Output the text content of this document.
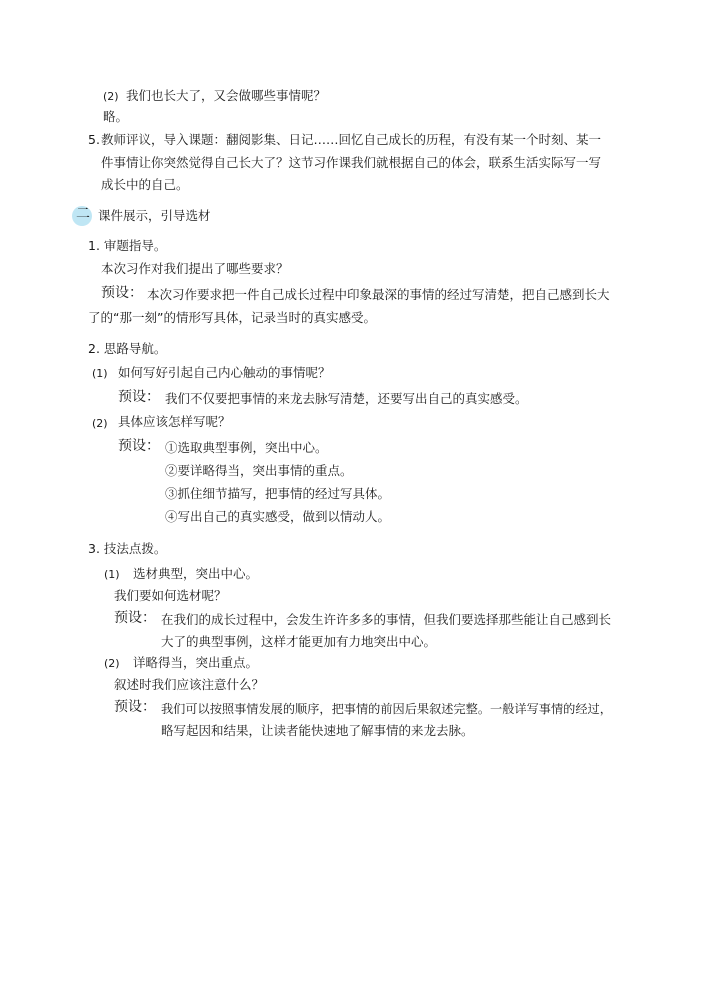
(2) 我们也长大了，又会做哪些事情呢？
略。
5. 教师评议，导入课题：翻阅影集、日记……回忆自己成长的历程，有没有某一个时刻、某一
件事情让你突然觉得自己长大了？这节习作课我们就根据自己的体会，联系生活实际写一写
成长中的自己。
二 课件展示，引导选材
1. 审题指导。
本次习作对我们提出了哪些要求？
预设： 本次习作要求把一件自己成长过程中印象最深的事情的经过写清楚，把自己感到长大
了的“那一刻”的情形写具体，记录当时的真实感受。
2. 思路导航。
(1) 如何写好引起自己内心触动的事情呢？
预设： 我们不仅要把事情的来龙去脉写清楚，还要写出自己的真实感受。
(2) 具体应该怎样写呢？
预设： ①选取典型事例，突出中心。
②要详略得当，突出事情的重点。
③抓住细节描写，把事情的经过写具体。
④写出自己的真实感受，做到以情动人。
3. 技法点拨。
(1) 选材典型，突出中心。
我们要如何选材呢？
预设： 在我们的成长过程中，会发生许许多多的事情，但我们要选择那些能让自己感到长
大了的典型事例，这样才能更加有力地突出中心。
(2) 详略得当，突出重点。
叙述时我们应该注意什么？
预设： 我们可以按照事情发展的顺序，把事情的前因后果叙述完整。一般详写事情的经过，
略写起因和结果，让读者能快速地了解事情的来龙去脉。
